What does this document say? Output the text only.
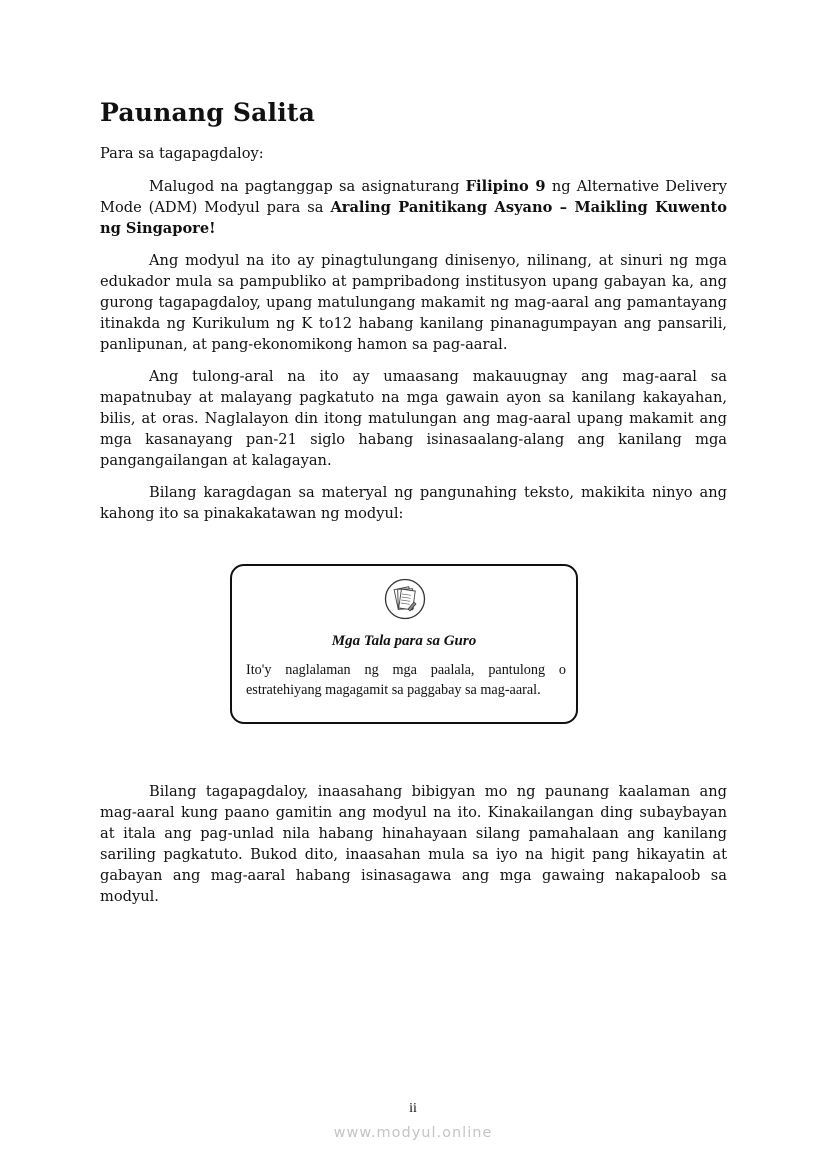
Paunang Salita

Para sa tagapagdaloy:

Malugod na pagtanggap sa asignaturang Filipino 9 ng Alternative Delivery Mode (ADM) Modyul para sa Araling Panitikang Asyano – Maikling Kuwento ng Singapore!

Ang modyul na ito ay pinagtulungang dinisenyo, nilinang, at sinuri ng mga edukador mula sa pampubliko at pampribadong institusyon upang gabayan ka, ang gurong tagapagdaloy, upang matulungang makamit ng mag-aaral ang pamantayang itinakda ng Kurikulum ng K to12 habang kanilang pinanagumpayan ang pansarili, panlipunan, at pang-ekonomikong hamon sa pag-aaral.

Ang tulong-aral na ito ay umaasang makauugnay ang mag-aaral sa mapatnubay at malayang pagkatuto na mga gawain ayon sa kanilang kakayahan, bilis, at oras. Naglalayon din itong matulungan ang mag-aaral upang makamit ang mga kasanayang pan-21 siglo habang isinasaalang-alang ang kanilang mga pangangailangan at kalagayan.

Bilang karagdagan sa materyal ng pangunahing teksto, makikita ninyo ang kahong ito sa pinakakatawan ng modyul:

Mga Tala para sa Guro

Ito'y naglalaman ng mga paalala, pantulong o estratehiyang magagamit sa paggabay sa mag-aaral.

Bilang tagapagdaloy, inaasahang bibigyan mo ng paunang kaalaman ang mag-aaral kung paano gamitin ang modyul na ito. Kinakailangan ding subaybayan at itala ang pag-unlad nila habang hinahayaan silang pamahalaan ang kanilang sariling pagkatuto. Bukod dito, inaasahan mula sa iyo na higit pang hikayatin at gabayan ang mag-aaral habang isinasagawa ang mga gawaing nakapaloob sa modyul.

ii

www.modyul.online
